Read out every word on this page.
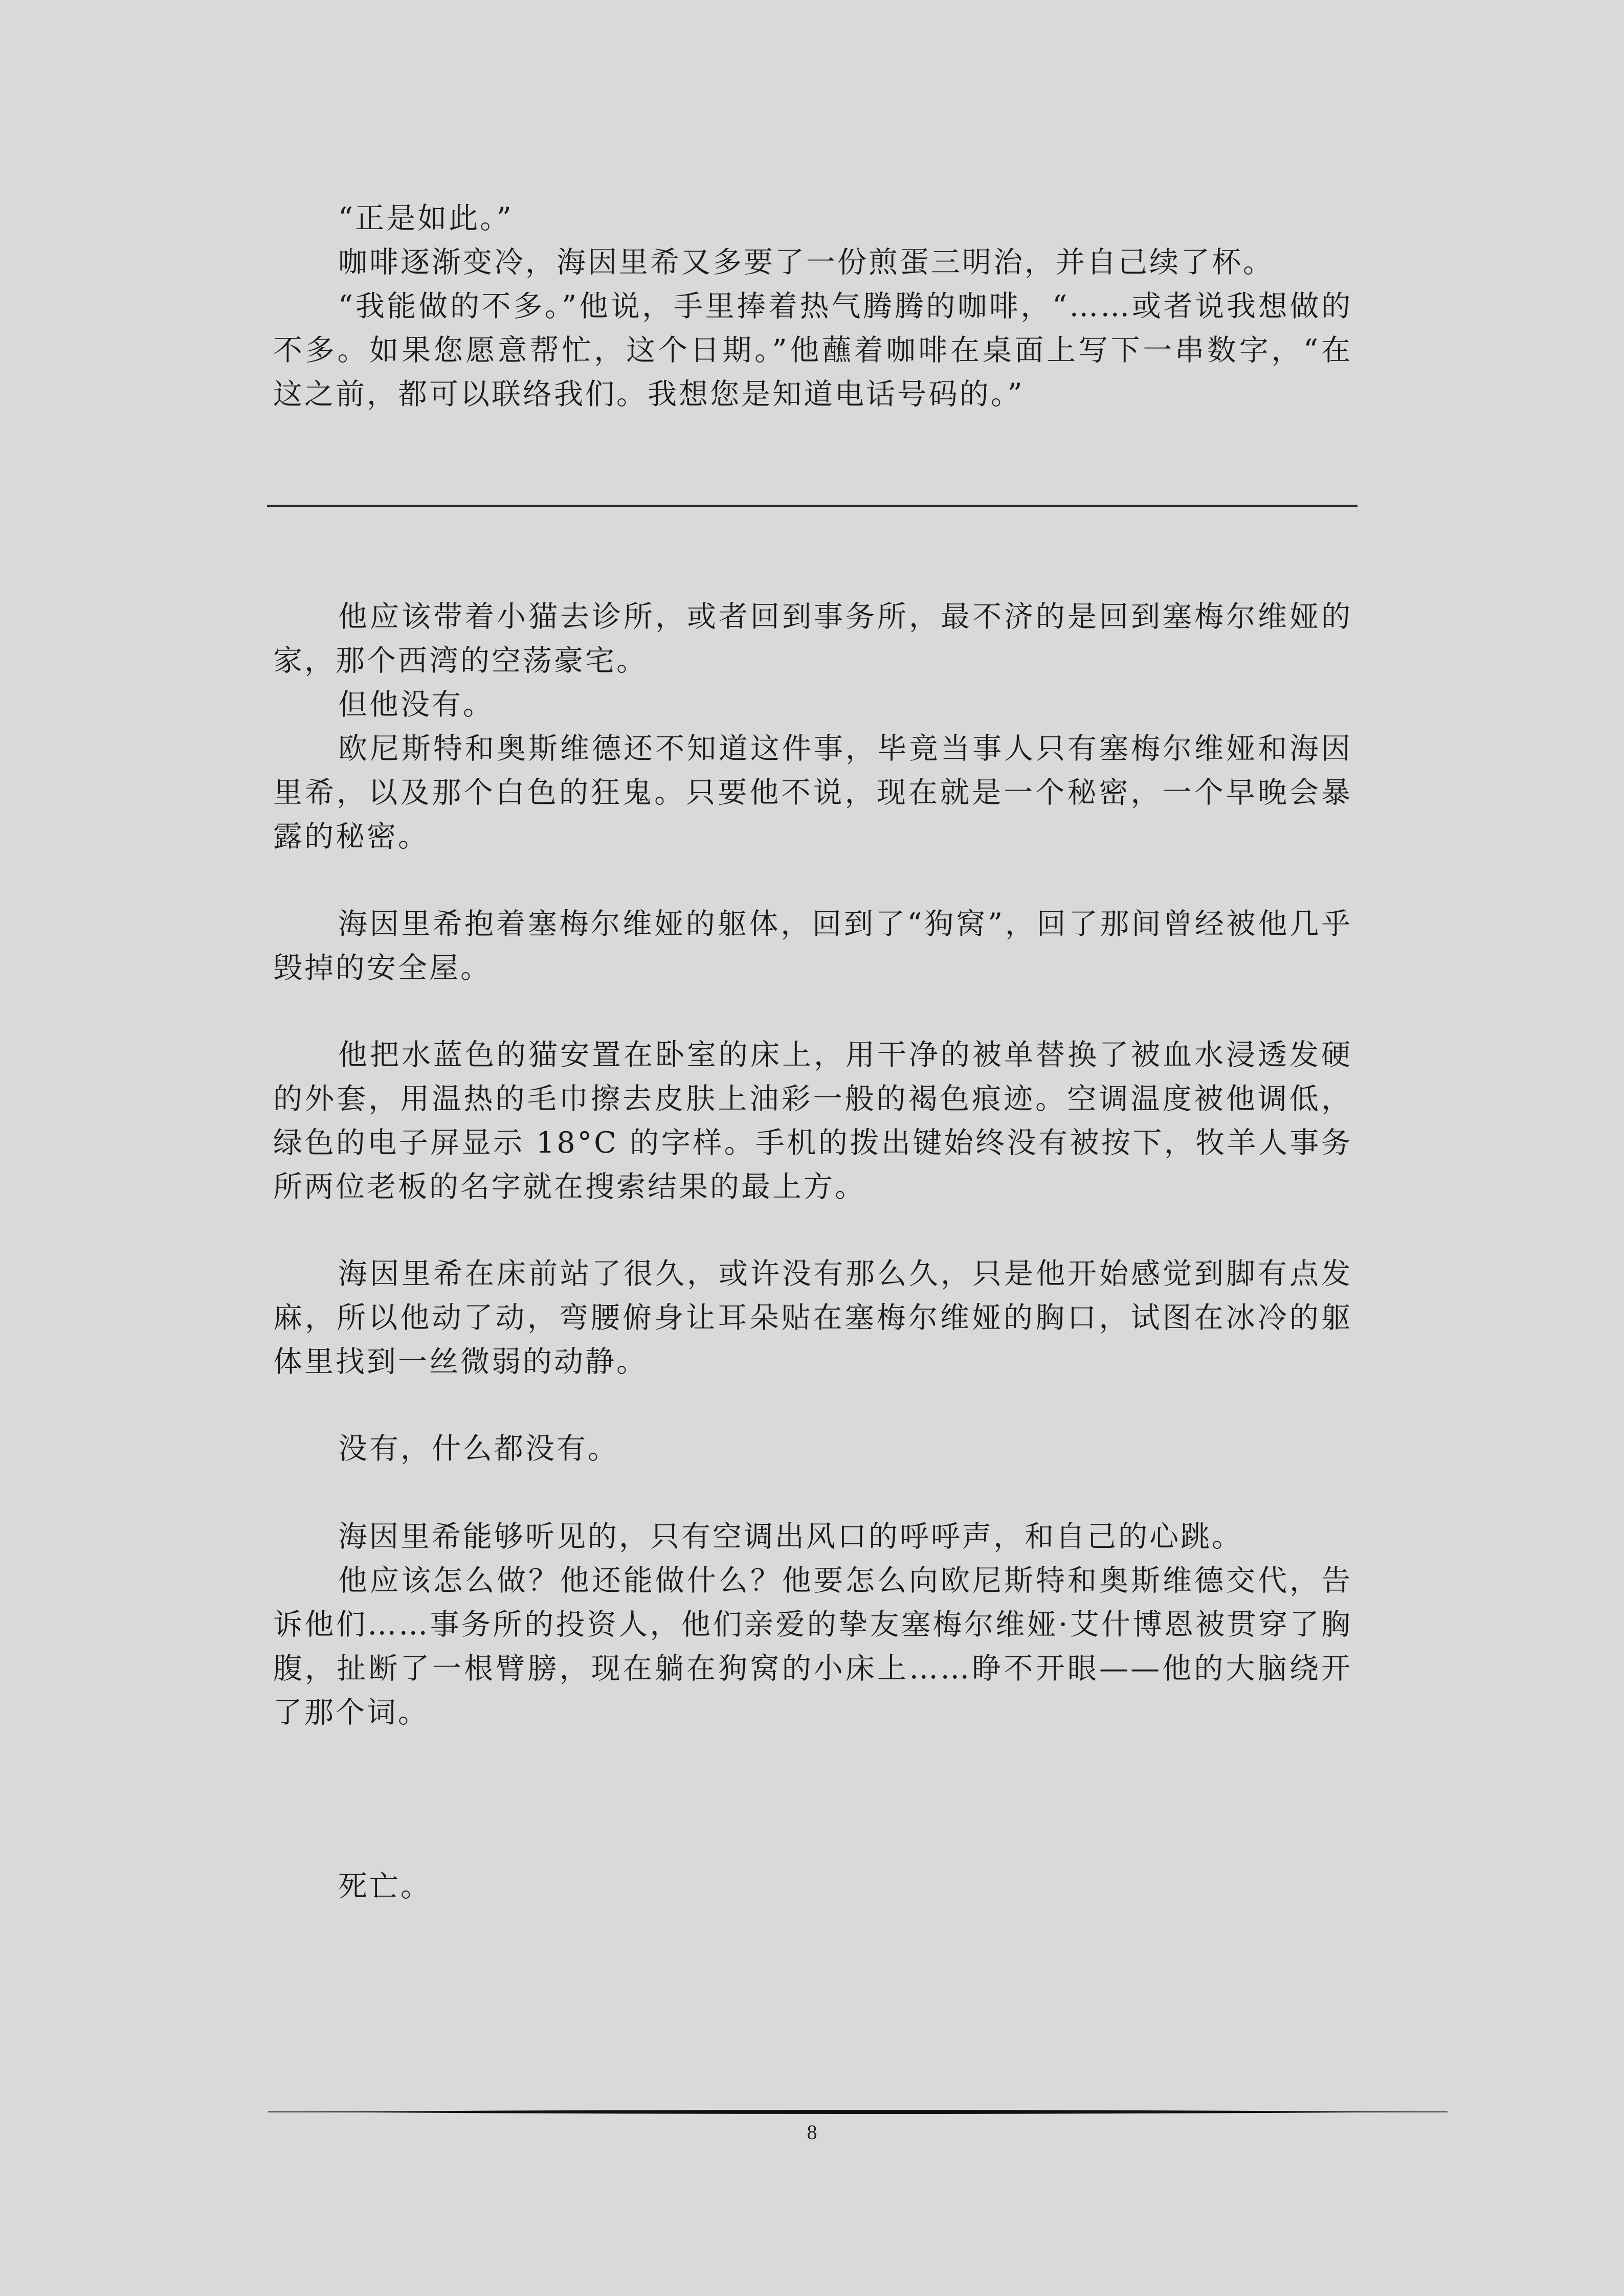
“正是如此。”

咖啡逐渐变冷，海因里希又多要了一份煎蛋三明治，并自己续了杯。

“我能做的不多。”他说，手里捧着热气腾腾的咖啡，“……或者说我想做的不多。如果您愿意帮忙，这个日期。”他蘸着咖啡在桌面上写下一串数字，“在这之前，都可以联络我们。我想您是知道电话号码的。”

他应该带着小猫去诊所，或者回到事务所，最不济的是回到塞梅尔维娅的家，那个西湾的空荡豪宅。

但他没有。

欧尼斯特和奥斯维德还不知道这件事，毕竟当事人只有塞梅尔维娅和海因里希，以及那个白色的狂鬼。只要他不说，现在就是一个秘密，一个早晚会暴露的秘密。

海因里希抱着塞梅尔维娅的躯体，回到了“狗窝”，回了那间曾经被他几乎毁掉的安全屋。

他把水蓝色的猫安置在卧室的床上，用干净的被单替换了被血水浸透发硬的外套，用温热的毛巾擦去皮肤上油彩一般的褐色痕迹。空调温度被他调低，绿色的电子屏显示 18°C 的字样。手机的拨出键始终没有被按下，牧羊人事务所两位老板的名字就在搜索结果的最上方。

海因里希在床前站了很久，或许没有那么久，只是他开始感觉到脚有点发麻，所以他动了动，弯腰俯身让耳朵贴在塞梅尔维娅的胸口，试图在冰冷的躯体里找到一丝微弱的动静。

没有，什么都没有。

海因里希能够听见的，只有空调出风口的呼呼声，和自己的心跳。

他应该怎么做？他还能做什么？他要怎么向欧尼斯特和奥斯维德交代，告诉他们……事务所的投资人，他们亲爱的挚友塞梅尔维娅·艾什博恩被贯穿了胸腹，扯断了一根臂膀，现在躺在狗窝的小床上……睁不开眼——他的大脑绕开了那个词。

死亡。

8
